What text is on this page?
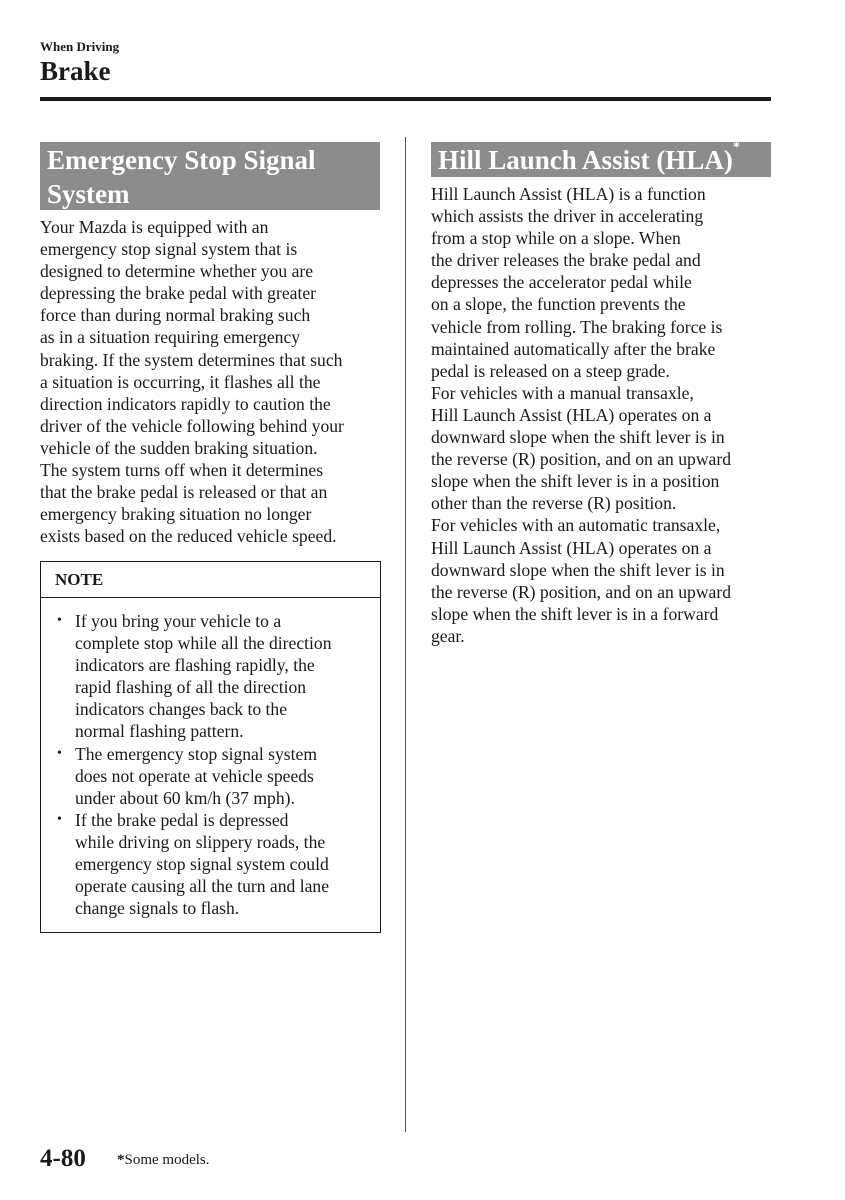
When Driving
Brake
Emergency Stop Signal
System

Your Mazda is equipped with an

emergency stop signal system that is

designed to determine whether you are

depressing the brake pedal with greater

force than during normal braking such

as in a situation requiring emergency

braking. If the system determines that such

a situation is occurring, it flashes all the

direction indicators rapidly to caution the

driver of the vehicle following behind your

vehicle of the sudden braking situation.

The system turns off when it determines

that the brake pedal is released or that an

emergency braking situation no longer

exists based on the reduced vehicle speed.

NOTE
• If you bring your vehicle to a

complete stop while all the direction

indicators are flashing rapidly, the

rapid flashing of all the direction

indicators changes back to the

normal flashing pattern.

• The emergency stop signal system

does not operate at vehicle speeds

under about 60 km/h (37 mph).

• If the brake pedal is depressed

while driving on slippery roads, the

emergency stop signal system could

operate causing all the turn and lane

change signals to flash.

Hill Launch Assist (HLA)*

Hill Launch Assist (HLA) is a function

which assists the driver in accelerating

from a stop while on a slope. When

the driver releases the brake pedal and

depresses the accelerator pedal while

on a slope, the function prevents the

vehicle from rolling. The braking force is

maintained automatically after the brake

pedal is released on a steep grade.

For vehicles with a manual transaxle,

Hill Launch Assist (HLA) operates on a

downward slope when the shift lever is in

the reverse (R) position, and on an upward

slope when the shift lever is in a position

other than the reverse (R) position.

For vehicles with an automatic transaxle,

Hill Launch Assist (HLA) operates on a

downward slope when the shift lever is in

the reverse (R) position, and on an upward

slope when the shift lever is in a forward

gear.

4-80 *Some models.
